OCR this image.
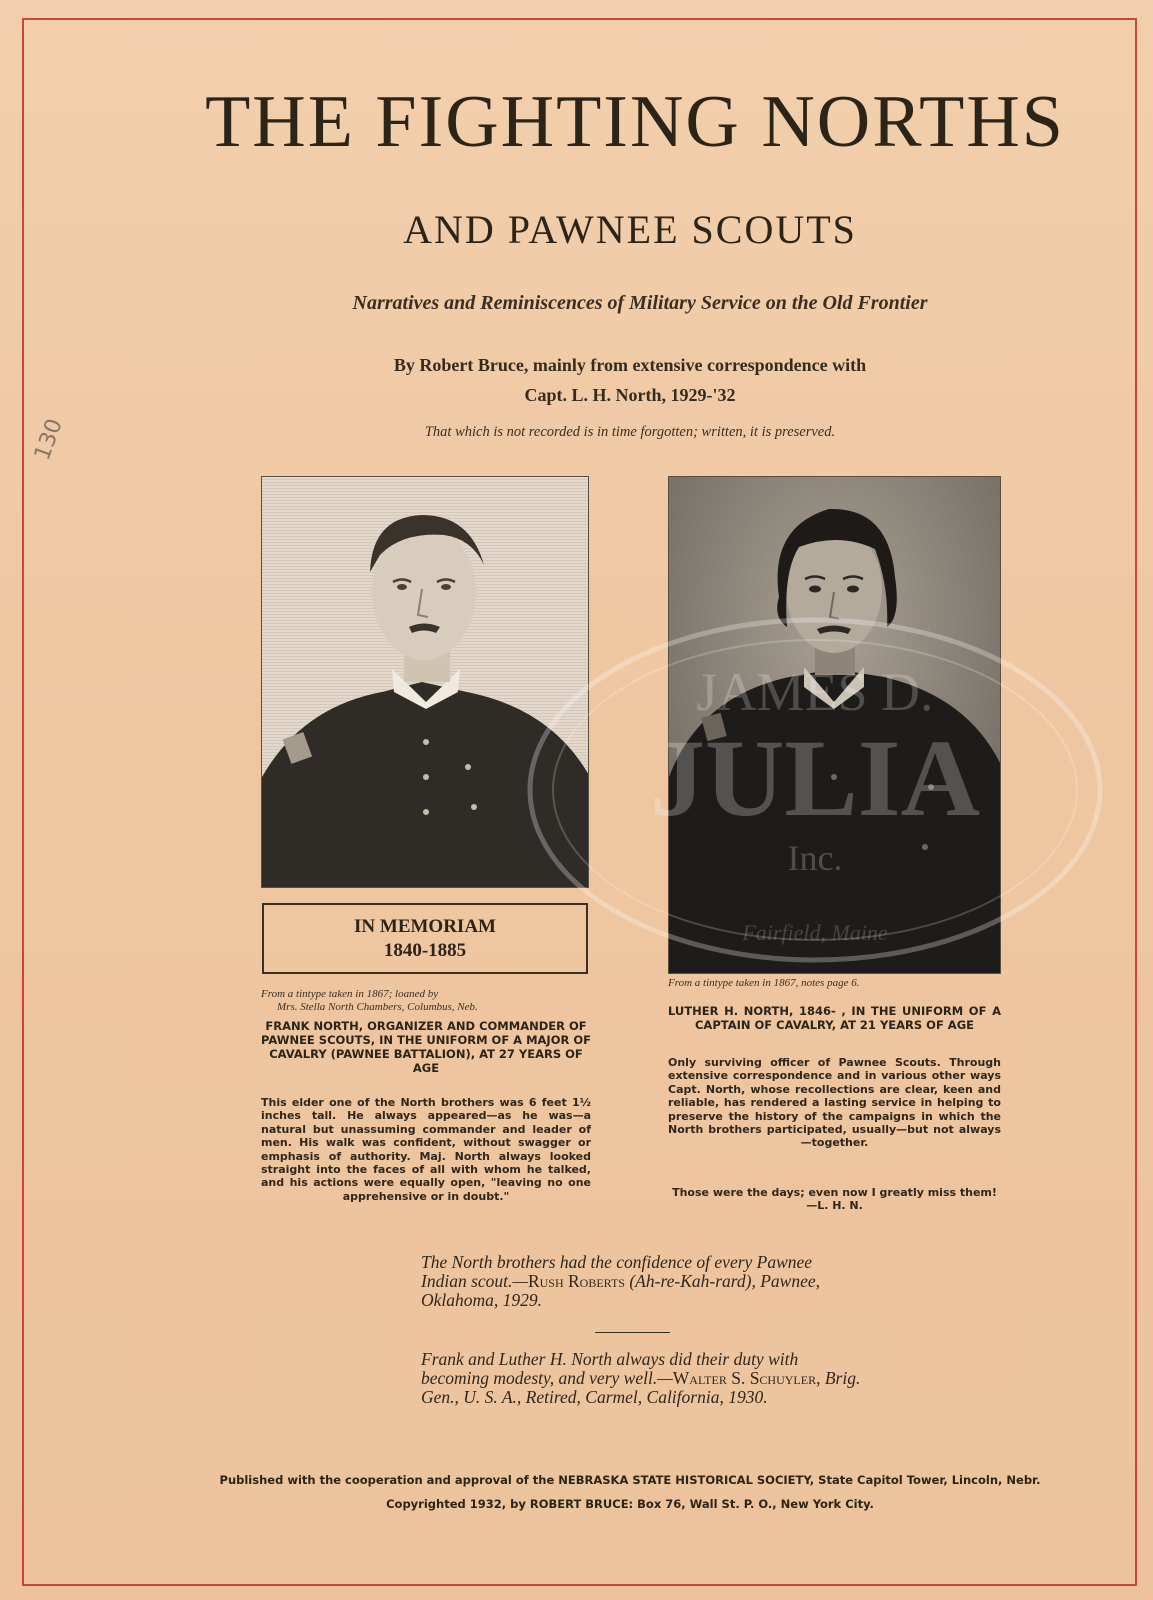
130
THE FIGHTING NORTHS
AND PAWNEE SCOUTS
Narratives and Reminiscences of Military Service on the Old Frontier
By Robert Bruce, mainly from extensive correspondence with
Capt. L. H. North, 1929-'32
That which is not recorded is in time forgotten; written, it is preserved.
IN MEMORIAM
1840-1885
From a tintype taken in 1867; loaned by
Mrs. Stella North Chambers, Columbus, Neb.
FRANK NORTH, ORGANIZER AND COMMANDER OF PAWNEE SCOUTS, IN THE UNIFORM OF A MAJOR OF CAVALRY (PAWNEE BATTALION), AT 27 YEARS OF AGE
This elder one of the North brothers was 6 feet 1½ inches tall. He always appeared—as he was—a natural but unassuming commander and leader of men. His walk was confident, without swagger or emphasis of authority. Maj. North always looked straight into the faces of all with whom he talked, and his actions were equally open, "leaving no one apprehensive or in doubt."
From a tintype taken in 1867, notes page 6.
LUTHER H. NORTH, 1846- , IN THE UNIFORM OF A CAPTAIN OF CAVALRY, AT 21 YEARS OF AGE
Only surviving officer of Pawnee Scouts. Through extensive correspondence and in various other ways Capt. North, whose recollections are clear, keen and reliable, has rendered a lasting service in helping to preserve the history of the campaigns in which the North brothers participated, usually—but not always—together.
Those were the days; even now I greatly miss them!—L. H. N.
The North brothers had the confidence of every Pawnee Indian scout.—Rush Roberts (Ah-re-Kah-rard), Pawnee, Oklahoma, 1929.
Frank and Luther H. North always did their duty with becoming modesty, and very well.—Walter S. Schuyler, Brig. Gen., U. S. A., Retired, Carmel, California, 1930.
Published with the cooperation and approval of the NEBRASKA STATE HISTORICAL SOCIETY, State Capitol Tower, Lincoln, Nebr.
Copyrighted 1932, by ROBERT BRUCE: Box 76, Wall St. P. O., New York City.
JAMES D.
JULIA
Inc.
